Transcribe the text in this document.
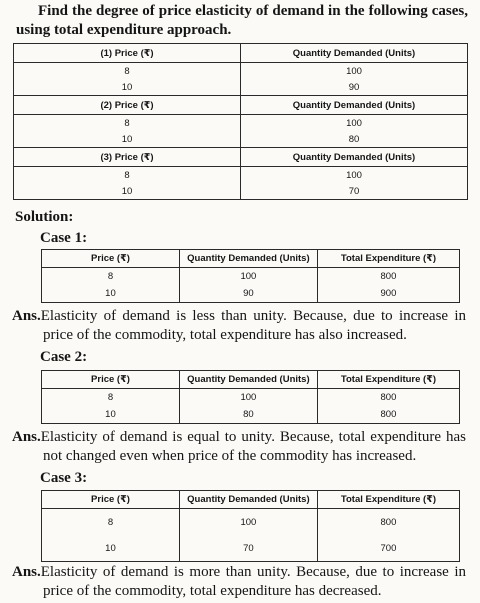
Find the degree of price elasticity of demand in the following cases, using total expenditure approach.
(1) Price (₹)	Quantity Demanded (Units)
8	100
10	90
(2) Price (₹)	Quantity Demanded (Units)
8	100
10	80
(3) Price (₹)	Quantity Demanded (Units)
8	100
10	70
Solution:
Case 1:
Price (₹)	Quantity Demanded (Units)	Total Expenditure (₹)
8	100	800
10	90	900
Ans.Elasticity of demand is less than unity. Because, due to increase in price of the commodity, total expenditure has also increased.
Case 2:
Price (₹)	Quantity Demanded (Units)	Total Expenditure (₹)
8	100	800
10	80	800
Ans.Elasticity of demand is equal to unity. Because, total expenditure has not changed even when price of the commodity has increased.
Case 3:
Price (₹)	Quantity Demanded (Units)	Total Expenditure (₹)
8	100	800
10	70	700
Ans.Elasticity of demand is more than unity. Because, due to increase in price of the commodity, total expenditure has decreased.
